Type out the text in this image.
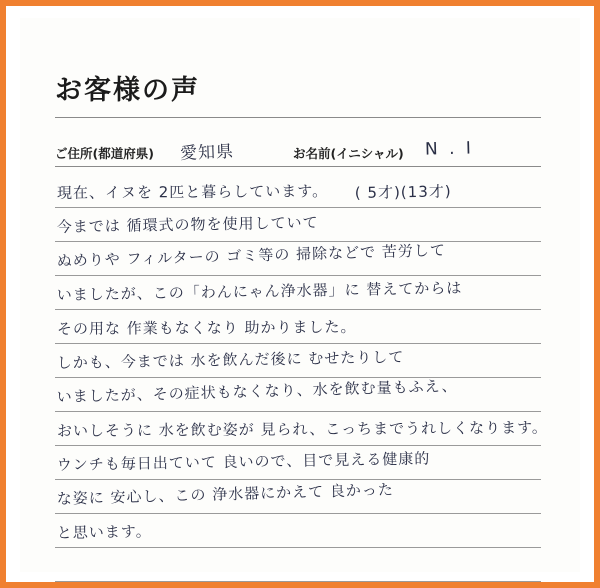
お客様の声
ご住所(都道府県) 愛知県	お名前(イニシャル) N . I
現在、イヌを 2匹と暮らしています。 ( 5才)(13才)
今までは 循環式の物を使用していて
ぬめりや フィルターの ゴミ等の 掃除などで 苦労して
いましたが、この「わんにゃん浄水器」に 替えてからは
その用な 作業もなくなり 助かりました。
しかも、今までは 水を飲んだ後に むせたりして
いましたが、その症状もなくなり、水を飲む量もふえ、
おいしそうに 水を飲む姿が 見られ、こっちまでうれしくなります。
ウンチも毎日出ていて 良いので、目で見える健康的
な姿に 安心し、この 浄水器にかえて 良かった
と思います。
